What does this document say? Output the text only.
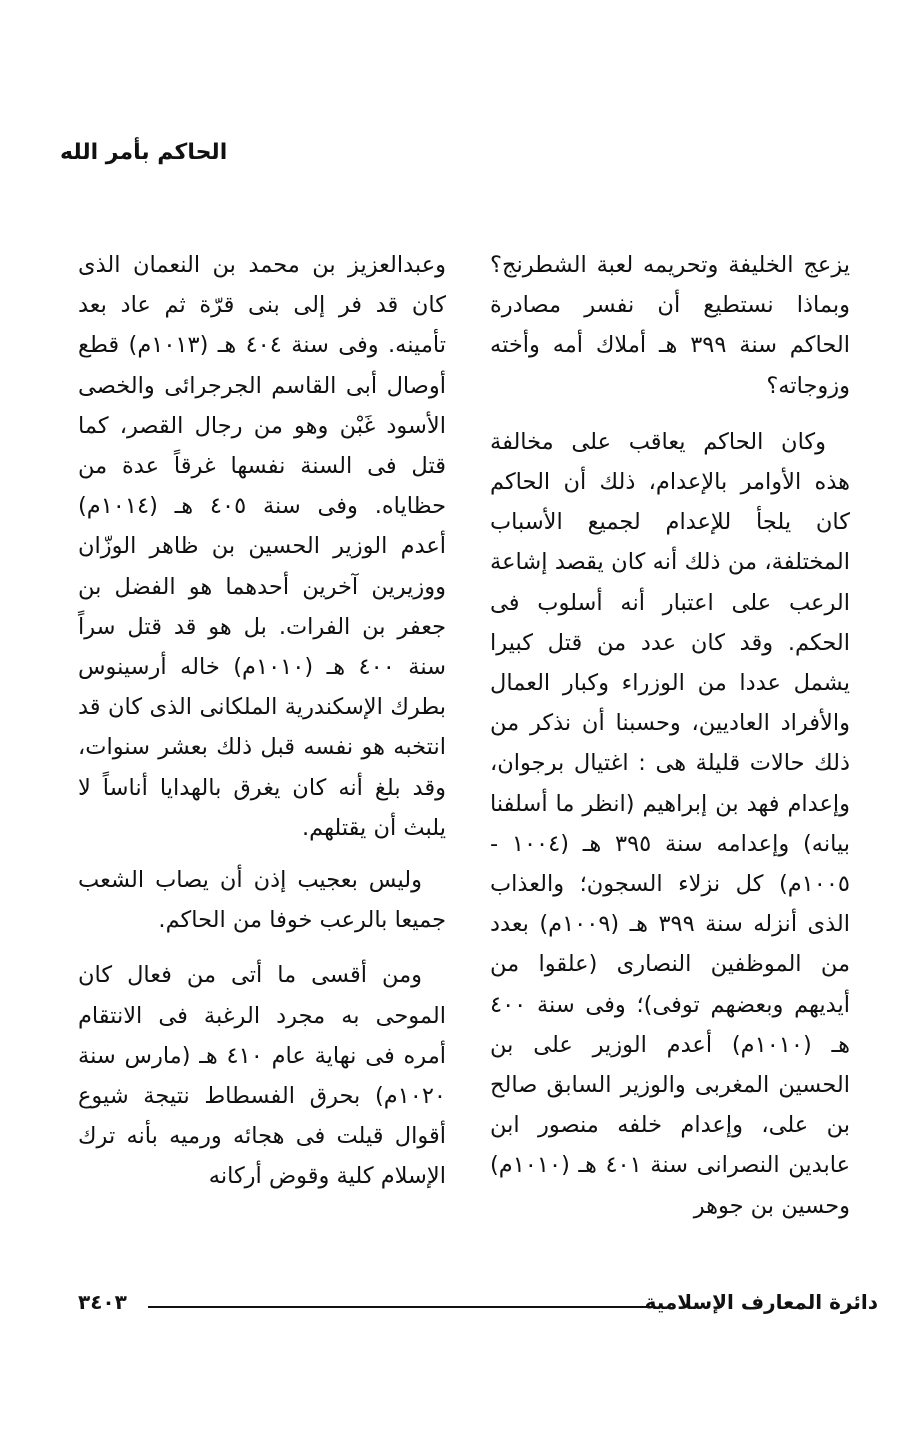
الحاكم بأمر الله

يزعج الخليفة وتحريمه لعبة الشطرنج؟ وبماذا نستطيع أن نفسر مصادرة الحاكم سنة ٣٩٩ هـ أملاك أمه وأخته وزوجاته؟

وكان الحاكم يعاقب على مخالفة هذه الأوامر بالإعدام، ذلك أن الحاكم كان يلجأ للإعدام لجميع الأسباب المختلفة، من ذلك أنه كان يقصد إشاعة الرعب على اعتبار أنه أسلوب فى الحكم. وقد كان عدد من قتل كبيرا يشمل عددا من الوزراء وكبار العمال والأفراد العاديين، وحسبنا أن نذكر من ذلك حالات قليلة هى : اغتيال برجوان، وإعدام فهد بن إبراهيم (انظر ما أسلفنا بيانه) وإعدامه سنة ٣٩٥ هـ (١٠٠٤ - ١٠٠٥م) كل نزلاء السجون؛ والعذاب الذى أنزله سنة ٣٩٩ هـ (١٠٠٩م) بعدد من الموظفين النصارى (علقوا من أيديهم وبعضهم توفى)؛ وفى سنة ٤٠٠ هـ (١٠١٠م) أعدم الوزير على بن الحسين المغربى والوزير السابق صالح بن على، وإعدام خلفه منصور ابن عابدين النصرانى سنة ٤٠١ هـ (١٠١٠م) وحسين بن جوهر

وعبدالعزيز بن محمد بن النعمان الذى كان قد فر إلى بنى قرّة ثم عاد بعد تأمينه. وفى سنة ٤٠٤ هـ (١٠١٣م) قطع أوصال أبى القاسم الجرجرائى والخصى الأسود غَبْن وهو من رجال القصر، كما قتل فى السنة نفسها غرقاً عدة من حظاياه. وفى سنة ٤٠٥ هـ (١٠١٤م) أعدم الوزير الحسين بن ظاهر الوزّان ووزيرين آخرين أحدهما هو الفضل بن جعفر بن الفرات. بل هو قد قتل سراً سنة ٤٠٠ هـ (١٠١٠م) خاله أرسينوس بطرك الإسكندرية الملكانى الذى كان قد انتخبه هو نفسه قبل ذلك بعشر سنوات، وقد بلغ أنه كان يغرق بالهدايا أناساً لا يلبث أن يقتلهم.

وليس بعجيب إذن أن يصاب الشعب جميعا بالرعب خوفا من الحاكم.

ومن أقسى ما أتى من فعال كان الموحى به مجرد الرغبة فى الانتقام أمره فى نهاية عام ٤١٠ هـ (مارس سنة ١٠٢٠م) بحرق الفسطاط نتيجة شيوع أقوال قيلت فى هجائه ورميه بأنه ترك الإسلام كلية وقوض أركانه

دائرة المعارف الإسلامية
٣٤٠٣
